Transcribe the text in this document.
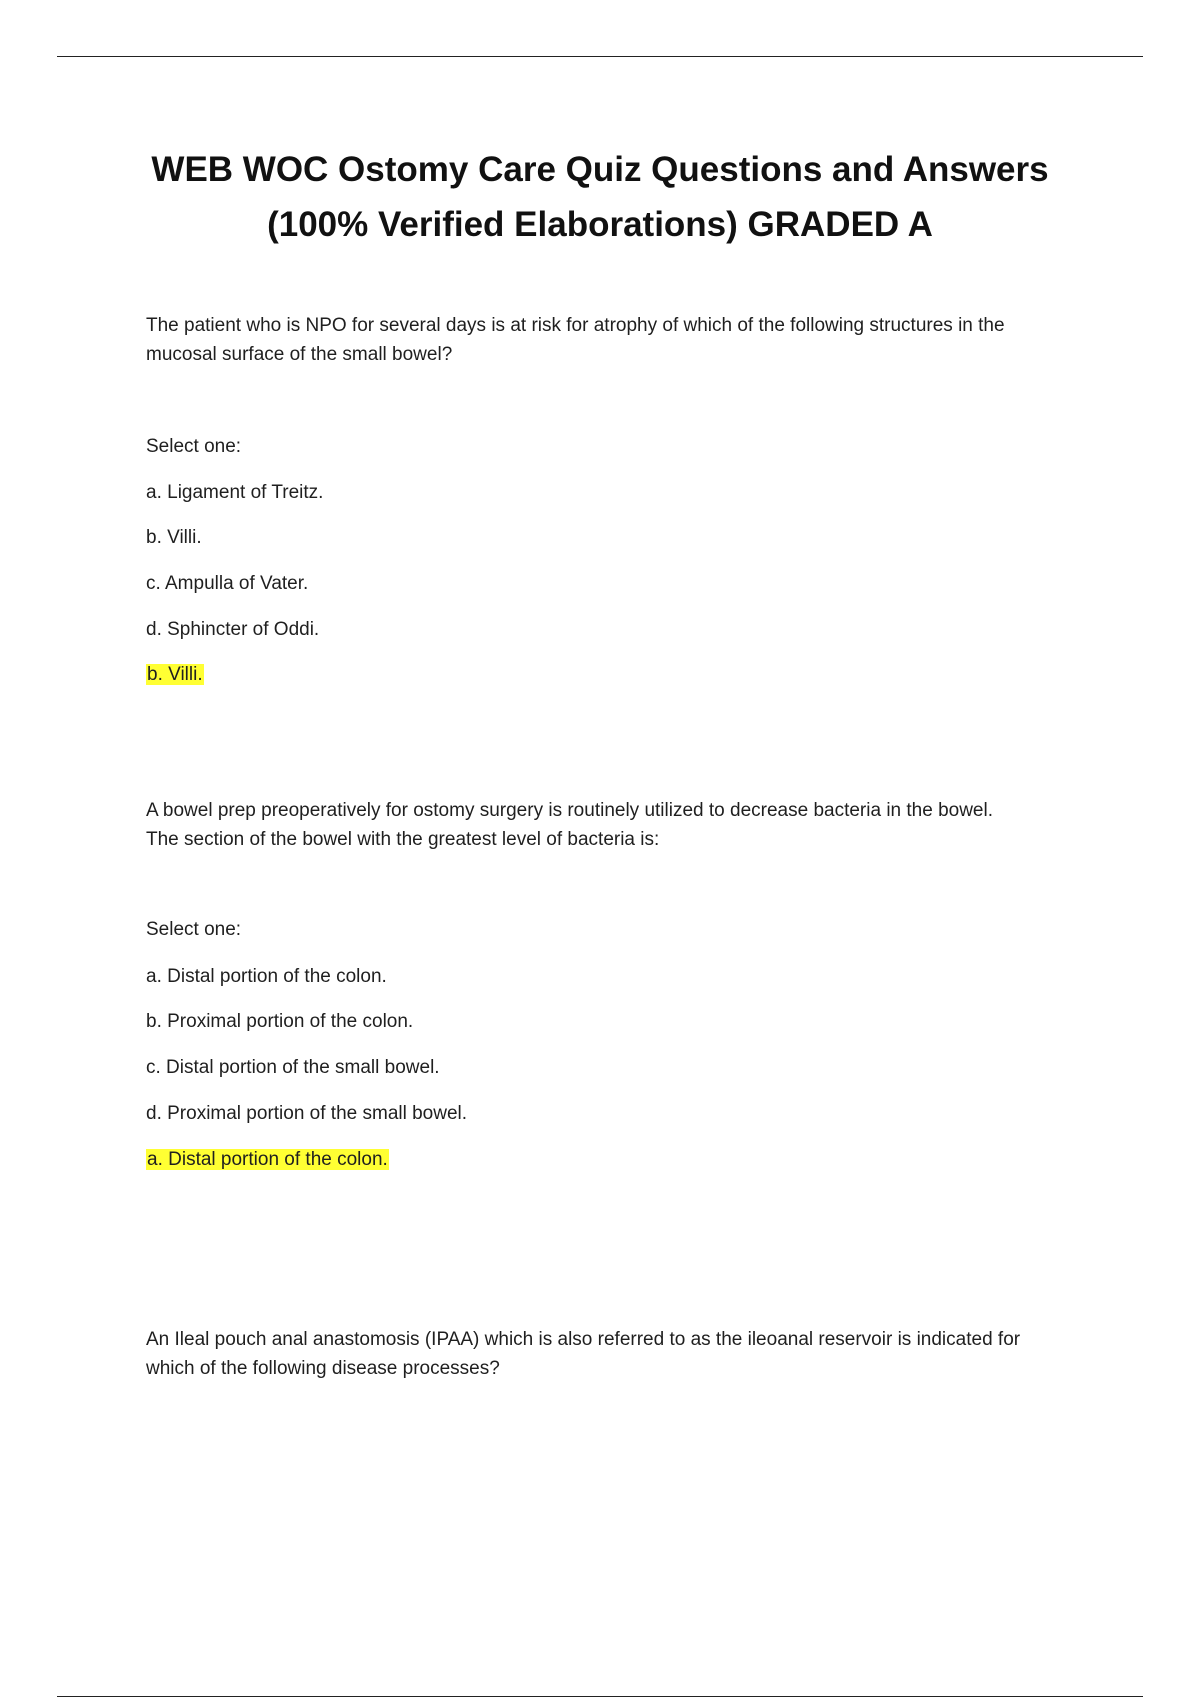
WEB WOC Ostomy Care Quiz Questions and Answers
(100% Verified Elaborations) GRADED A
The patient who is NPO for several days is at risk for atrophy of which of the following structures in the
mucosal surface of the small bowel?
Select one:
a. Ligament of Treitz.
b. Villi.
c. Ampulla of Vater.
d. Sphincter of Oddi.
b. Villi.
A bowel prep preoperatively for ostomy surgery is routinely utilized to decrease bacteria in the bowel.
The section of the bowel with the greatest level of bacteria is:
Select one:
a. Distal portion of the colon.
b. Proximal portion of the colon.
c. Distal portion of the small bowel.
d. Proximal portion of the small bowel.
a. Distal portion of the colon.
An Ileal pouch anal anastomosis (IPAA) which is also referred to as the ileoanal reservoir is indicated for
which of the following disease processes?
